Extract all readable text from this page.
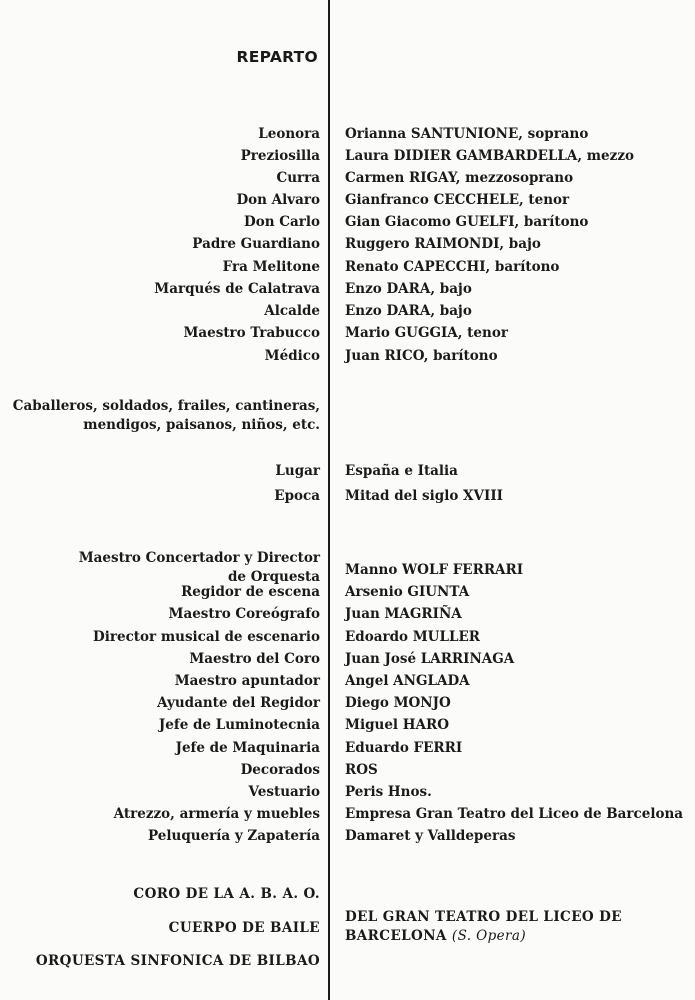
REPARTO
Leonora Orianna SANTUNIONE, soprano
Preziosilla Laura DIDIER GAMBARDELLA, mezzo
Curra Carmen RIGAY, mezzosoprano
Don Alvaro Gianfranco CECCHELE, tenor
Don Carlo Gian Giacomo GUELFI, barítono
Padre Guardiano Ruggero RAIMONDI, bajo
Fra Melitone Renato CAPECCHI, barítono
Marqués de Calatrava Enzo DARA, bajo
Alcalde Enzo DARA, bajo
Maestro Trabucco Mario GUGGIA, tenor
Médico Juan RICO, barítono
Caballeros, soldados, frailes, cantineras,
mendigos, paisanos, niños, etc.
Lugar España e Italia
Epoca Mitad del siglo XVIII
Maestro Concertador y Director
de Orquesta Manno WOLF FERRARI
Regidor de escena Arsenio GIUNTA
Maestro Coreógrafo Juan MAGRIÑA
Director musical de escenario Edoardo MULLER
Maestro del Coro Juan José LARRINAGA
Maestro apuntador Angel ANGLADA
Ayudante del Regidor Diego MONJO
Jefe de Luminotecnia Miguel HARO
Jefe de Maquinaria Eduardo FERRI
Decorados ROS
Vestuario Peris Hnos.
Atrezzo, armería y muebles Empresa Gran Teatro del Liceo de Barcelona
Peluquería y Zapatería Damaret y Valldeperas
CORO DE LA A. B. A. O.
CUERPO DE BAILE
ORQUESTA SINFONICA DE BILBAO
DEL GRAN TEATRO DEL LICEO DE
BARCELONA (S. Opera)
